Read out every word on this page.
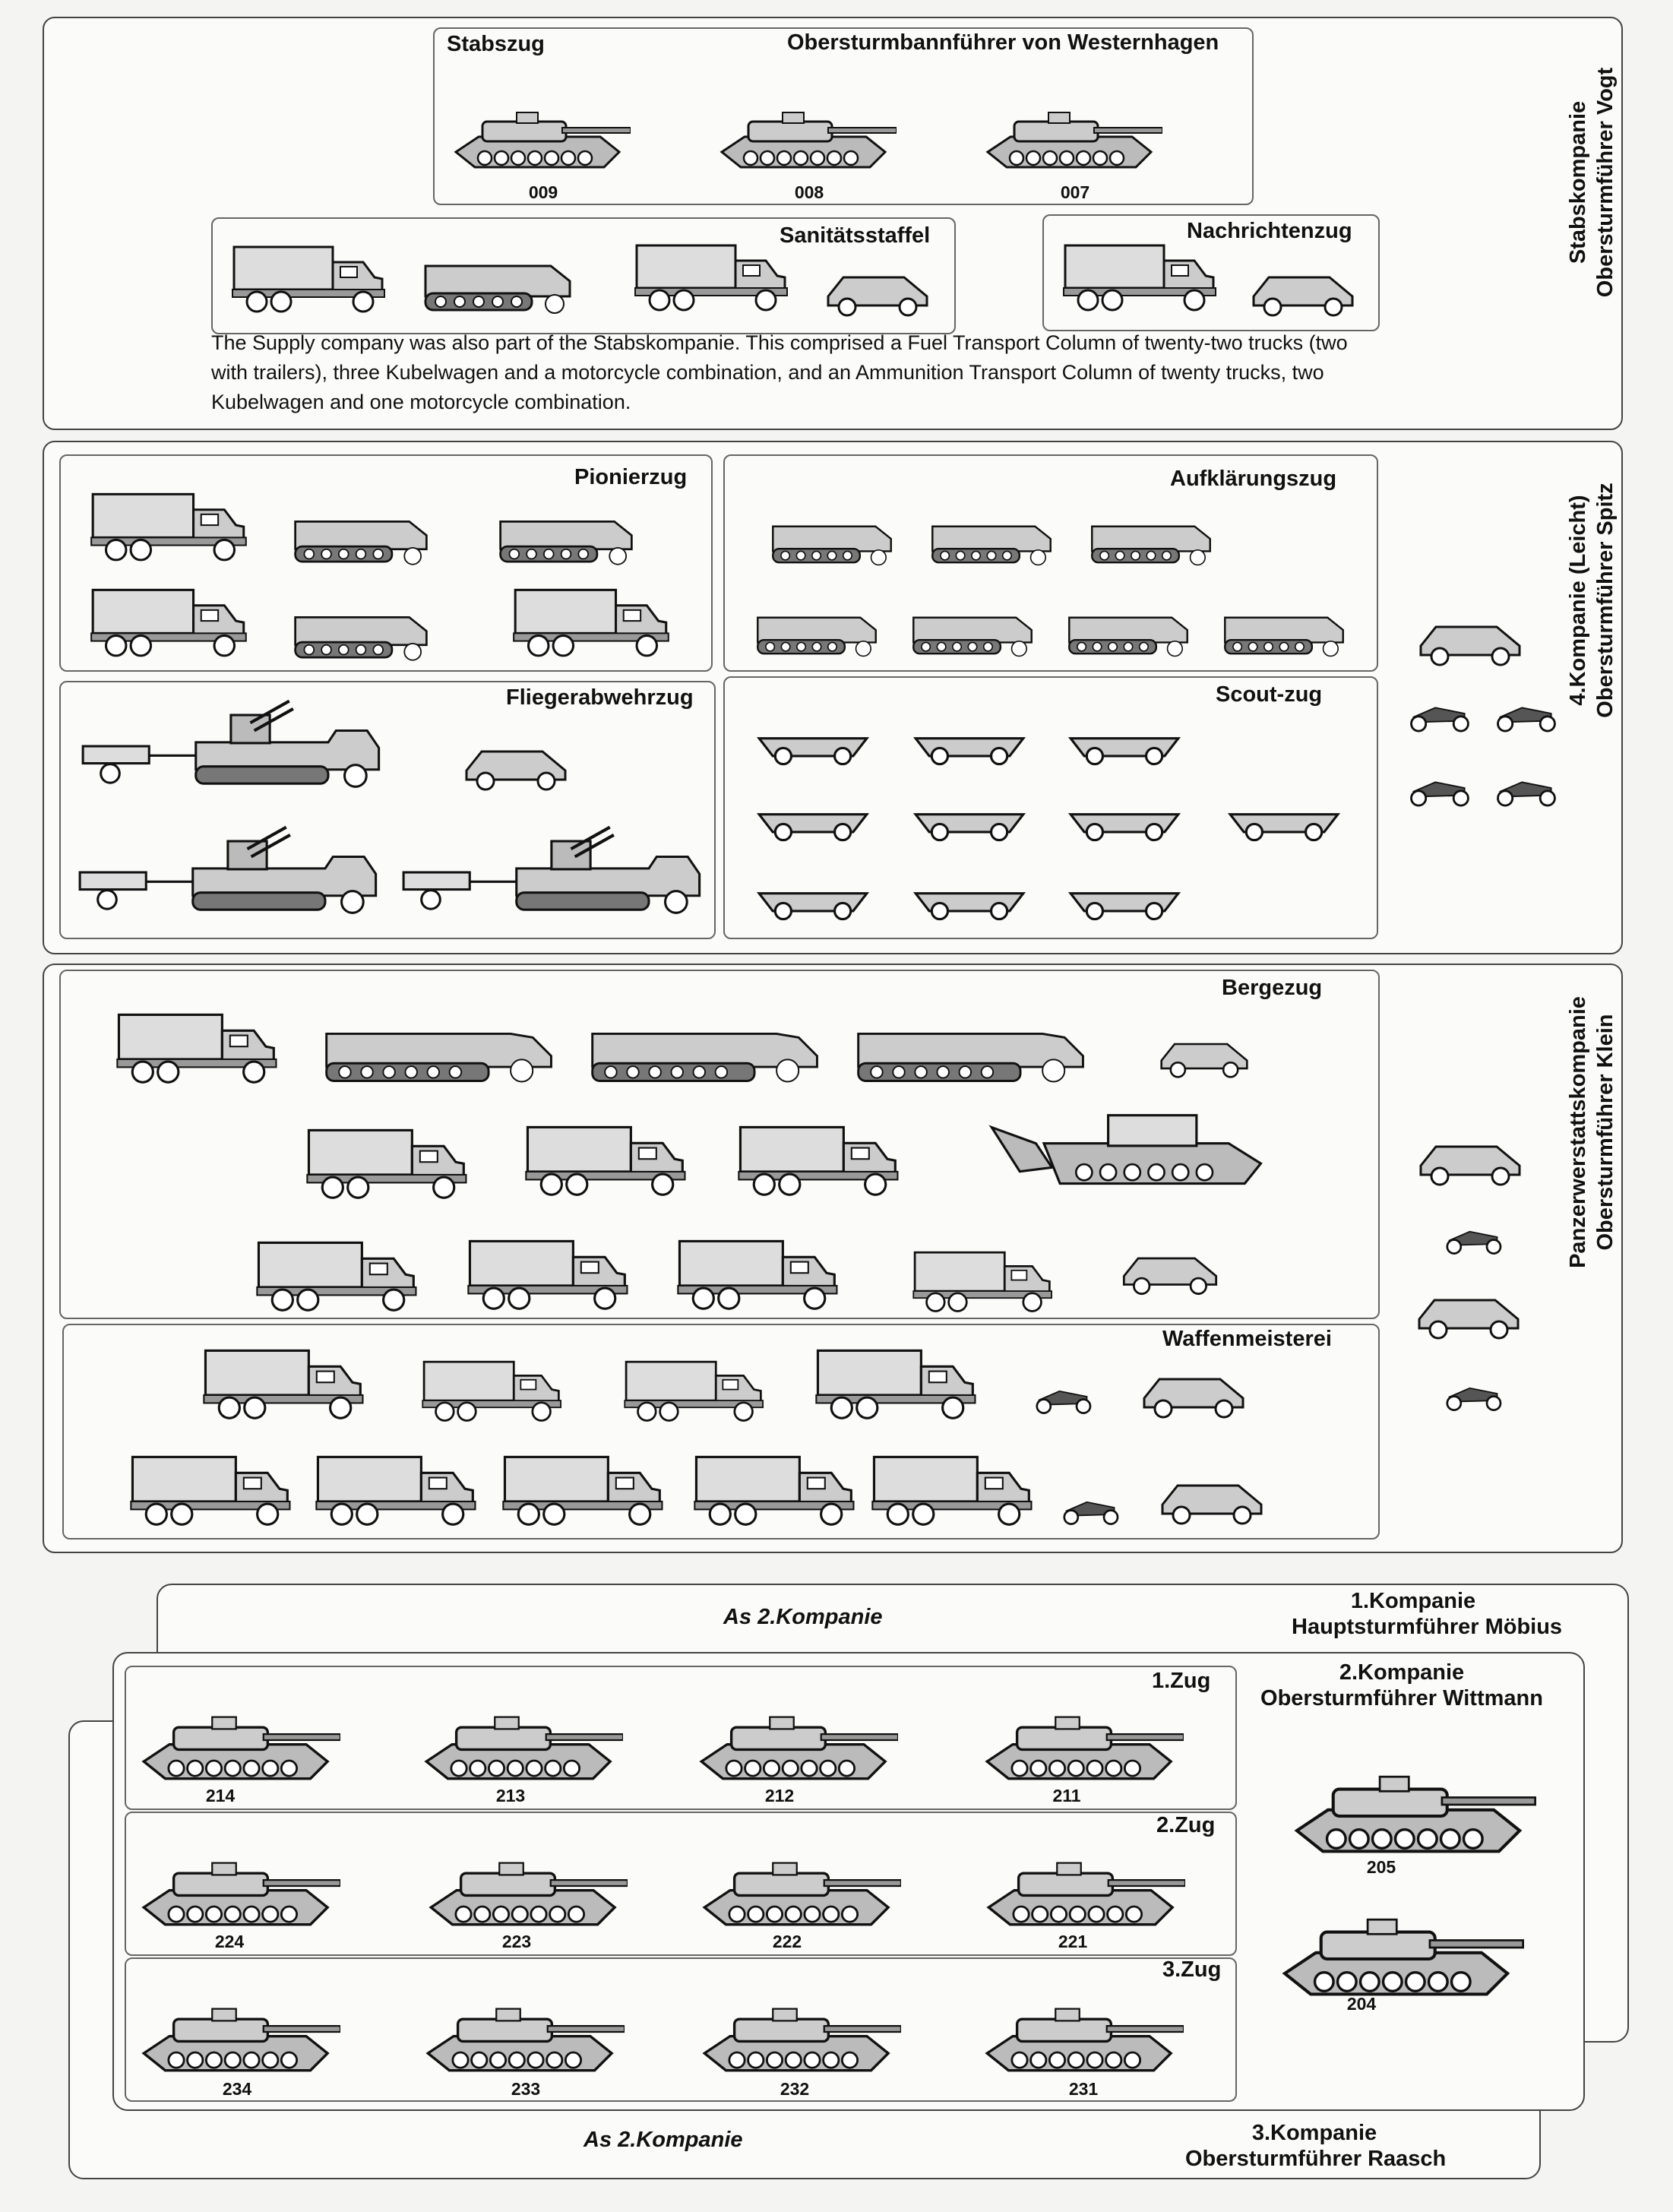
Stabszug	Obersturmbannführer von Westernhagen
009	008	007
Sanitätsstaffel	Nachrichtenzug
The Supply company was also part of the Stabskompanie. This comprised a Fuel Transport Column of twenty-two trucks (two with trailers), three Kubelwagen and a motorcycle combination, and an Ammunition Transport Column of twenty trucks, two Kubelwagen and one motorcycle combination.
Stabskompanie Obersturmführer Vogt
Pionierzug	Aufklärungszug
Fliegerabwehrzug	Scout-zug	4.Kompanie (Leicht) Obersturmführer Spitz
Bergezug
Waffenmeisterei
Panzerwerstattskompanie Obersturmführer Klein
As 2.Kompanie
1.Kompanie
Hauptsturmführer Möbius
As 2.Kompanie	3.Kompanie
Obersturmführer Raasch
2.Kompanie
Obersturmführer Wittmann
1.Zug
2.Zug
3.Zug
214	213	212	211
224	223	222	221
234	233	232	231
205
204
